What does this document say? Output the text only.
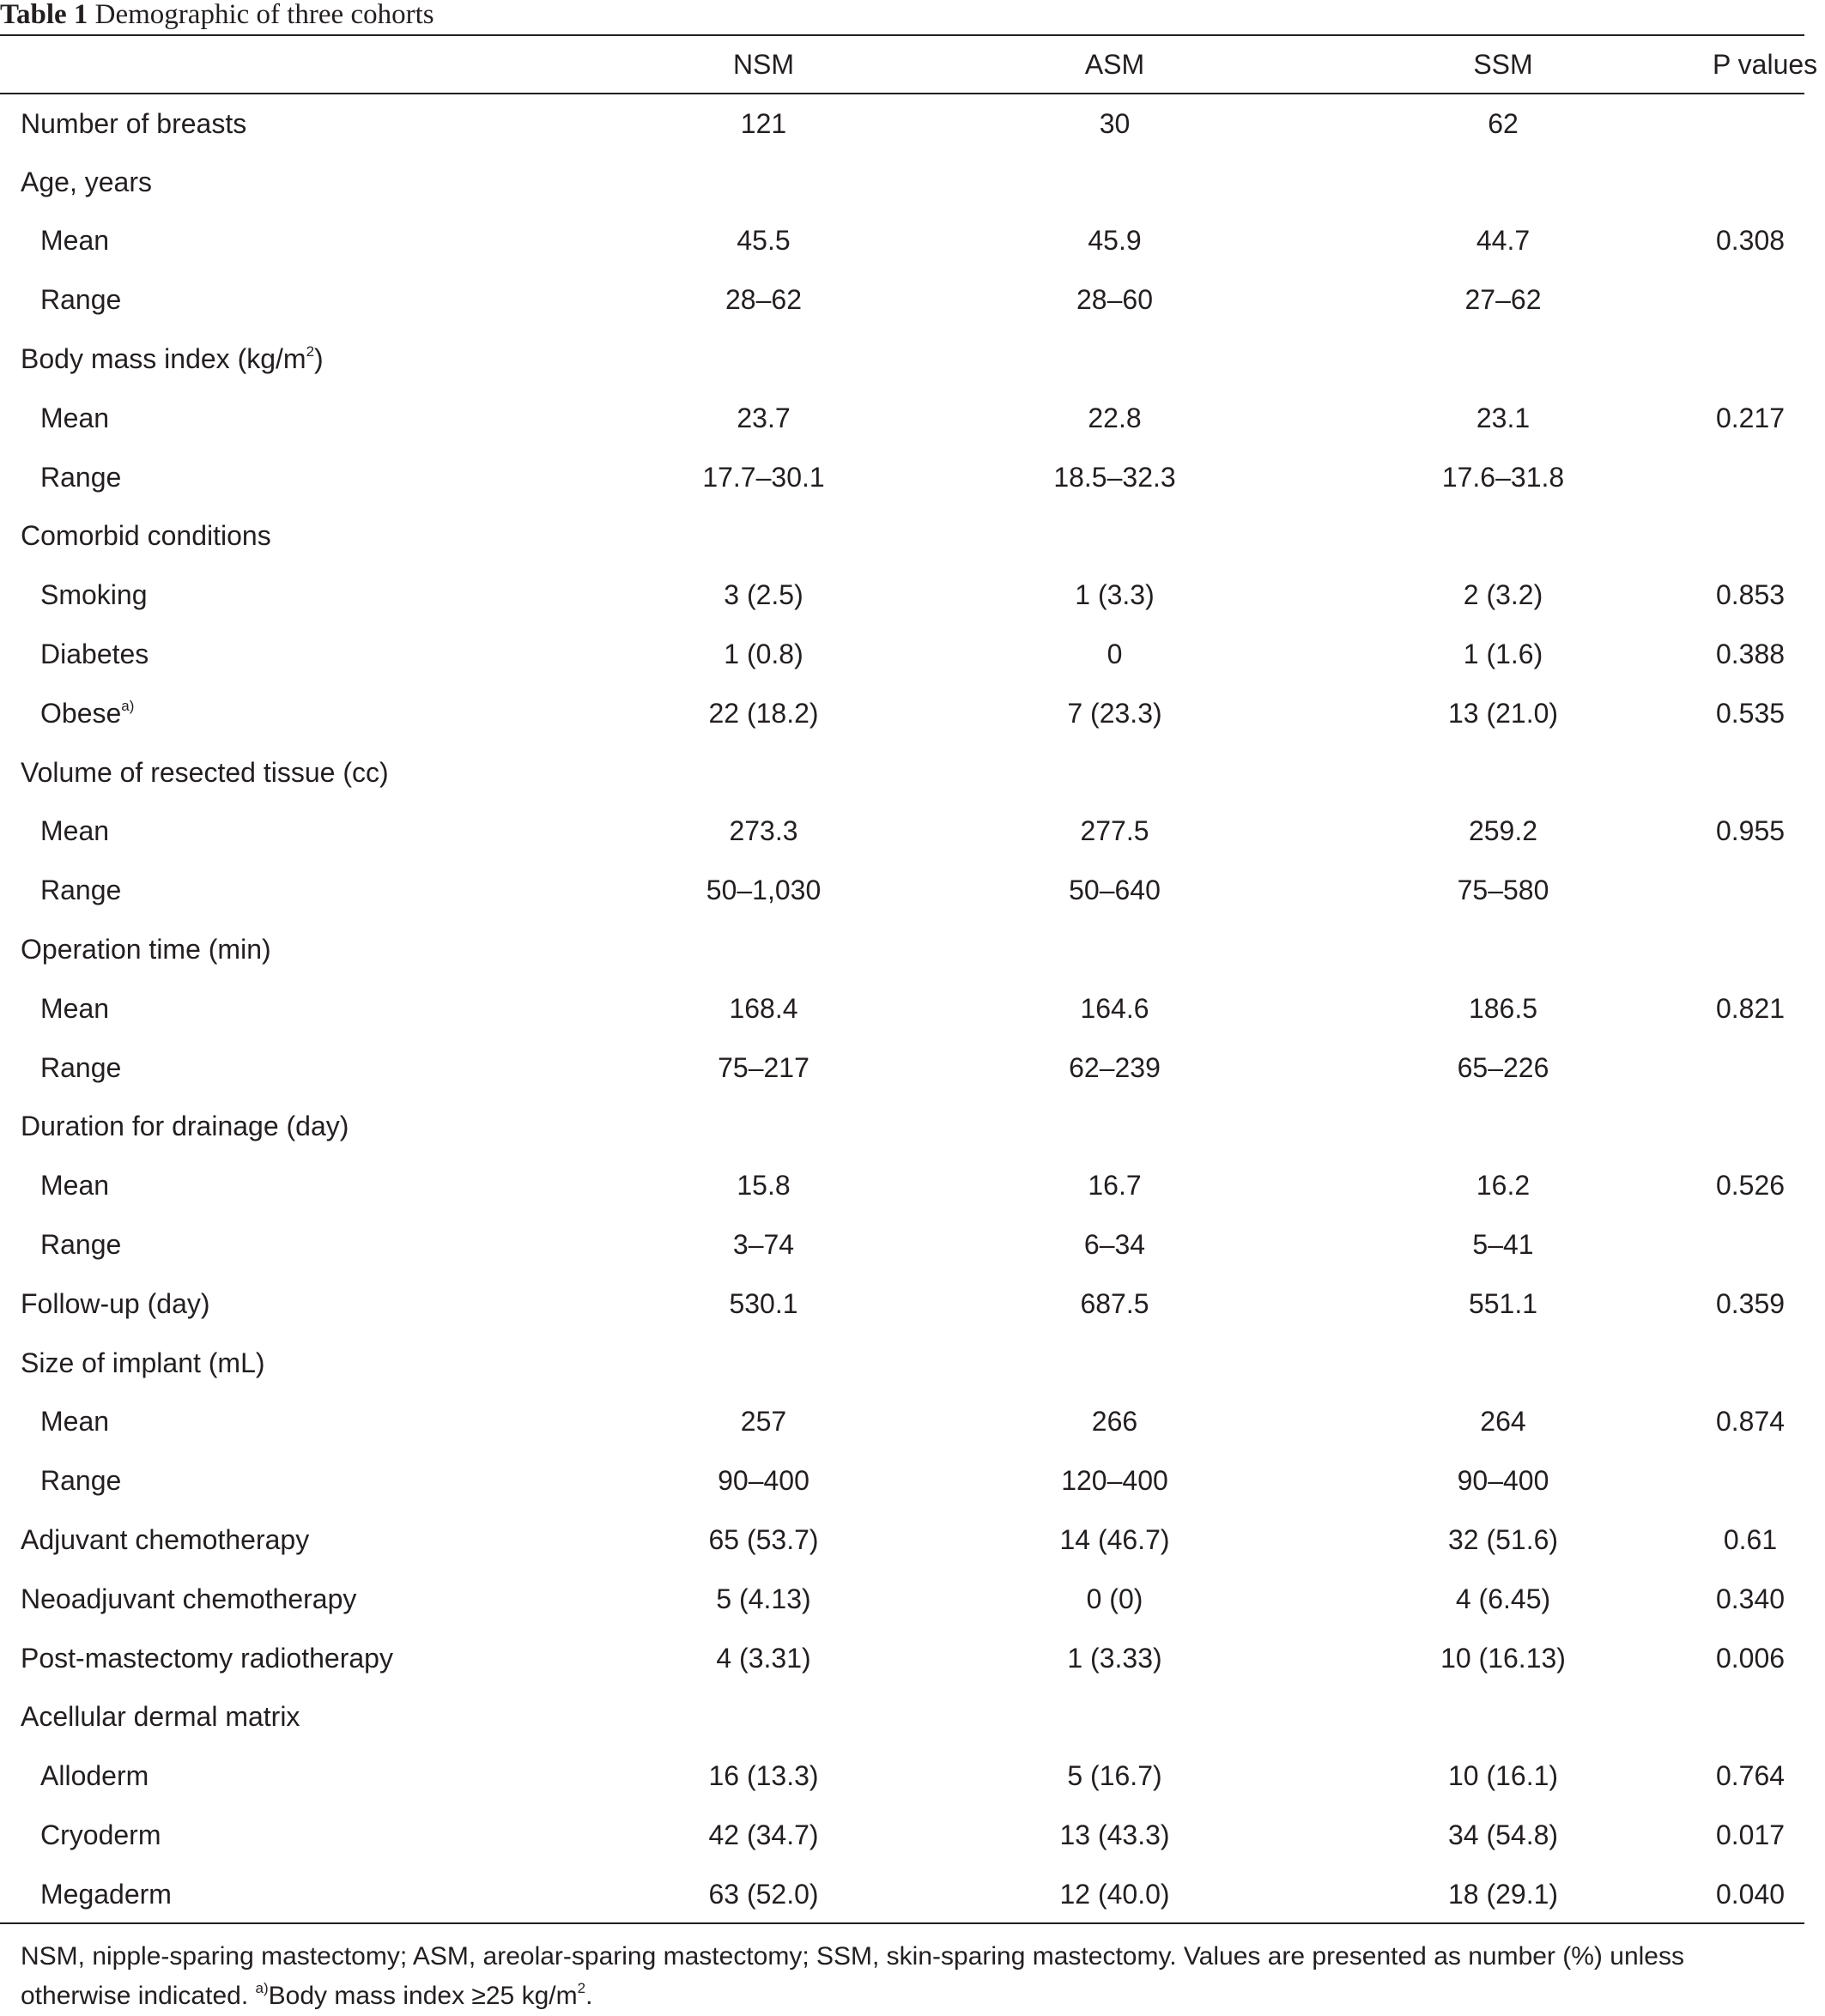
Table 1 Demographic of three cohorts
	NSM	ASM	SSM	P values
Number of breasts	121	30	62	
Age, years				
Mean	45.5	45.9	44.7	0.308
Range	28–62	28–60	27–62	
Body mass index $(kg/m^2)$				
Mean	23.7	22.8	23.1	0.217
Range	17.7–30.1	18.5–32.3	17.6–31.8	
Comorbid conditions				
Smoking	3 (2.5)	1 (3.3)	2 (3.2)	0.853
Diabetes	1 (0.8)	0	1 (1.6)	0.388
Obese$^{a)}$	22 (18.2)	7 (23.3)	13 (21.0)	0.535
Volume of resected tissue (cc)				
Mean	273.3	277.5	259.2	0.955
Range	50–1,030	50–640	75–580	
Operation time (min)				
Mean	168.4	164.6	186.5	0.821
Range	75–217	62–239	65–226	
Duration for drainage (day)				
Mean	15.8	16.7	16.2	0.526
Range	3–74	6–34	5–41	
Follow-up (day)	530.1	687.5	551.1	0.359
Size of implant (mL)				
Mean	257	266	264	0.874
Range	90–400	120–400	90–400	
Adjuvant chemotherapy	65 (53.7)	14 (46.7)	32 (51.6)	0.61
Neoadjuvant chemotherapy	5 (4.13)	0 (0)	4 (6.45)	0.340
Post-mastectomy radiotherapy	4 (3.31)	1 (3.33)	10 (16.13)	0.006
Acellular dermal matrix				
Alloderm	16 (13.3)	5 (16.7)	10 (16.1)	0.764
Cryoderm	42 (34.7)	13 (43.3)	34 (54.8)	0.017
Megaderm	63 (52.0)	12 (40.0)	18 (29.1)	0.040
NSM, nipple-sparing mastectomy; ASM, areolar-sparing mastectomy; SSM, skin-sparing mastectomy. Values are presented as number (%) unless otherwise indicated. $^{a)}$Body mass index ≥25 $kg/m^2$.
